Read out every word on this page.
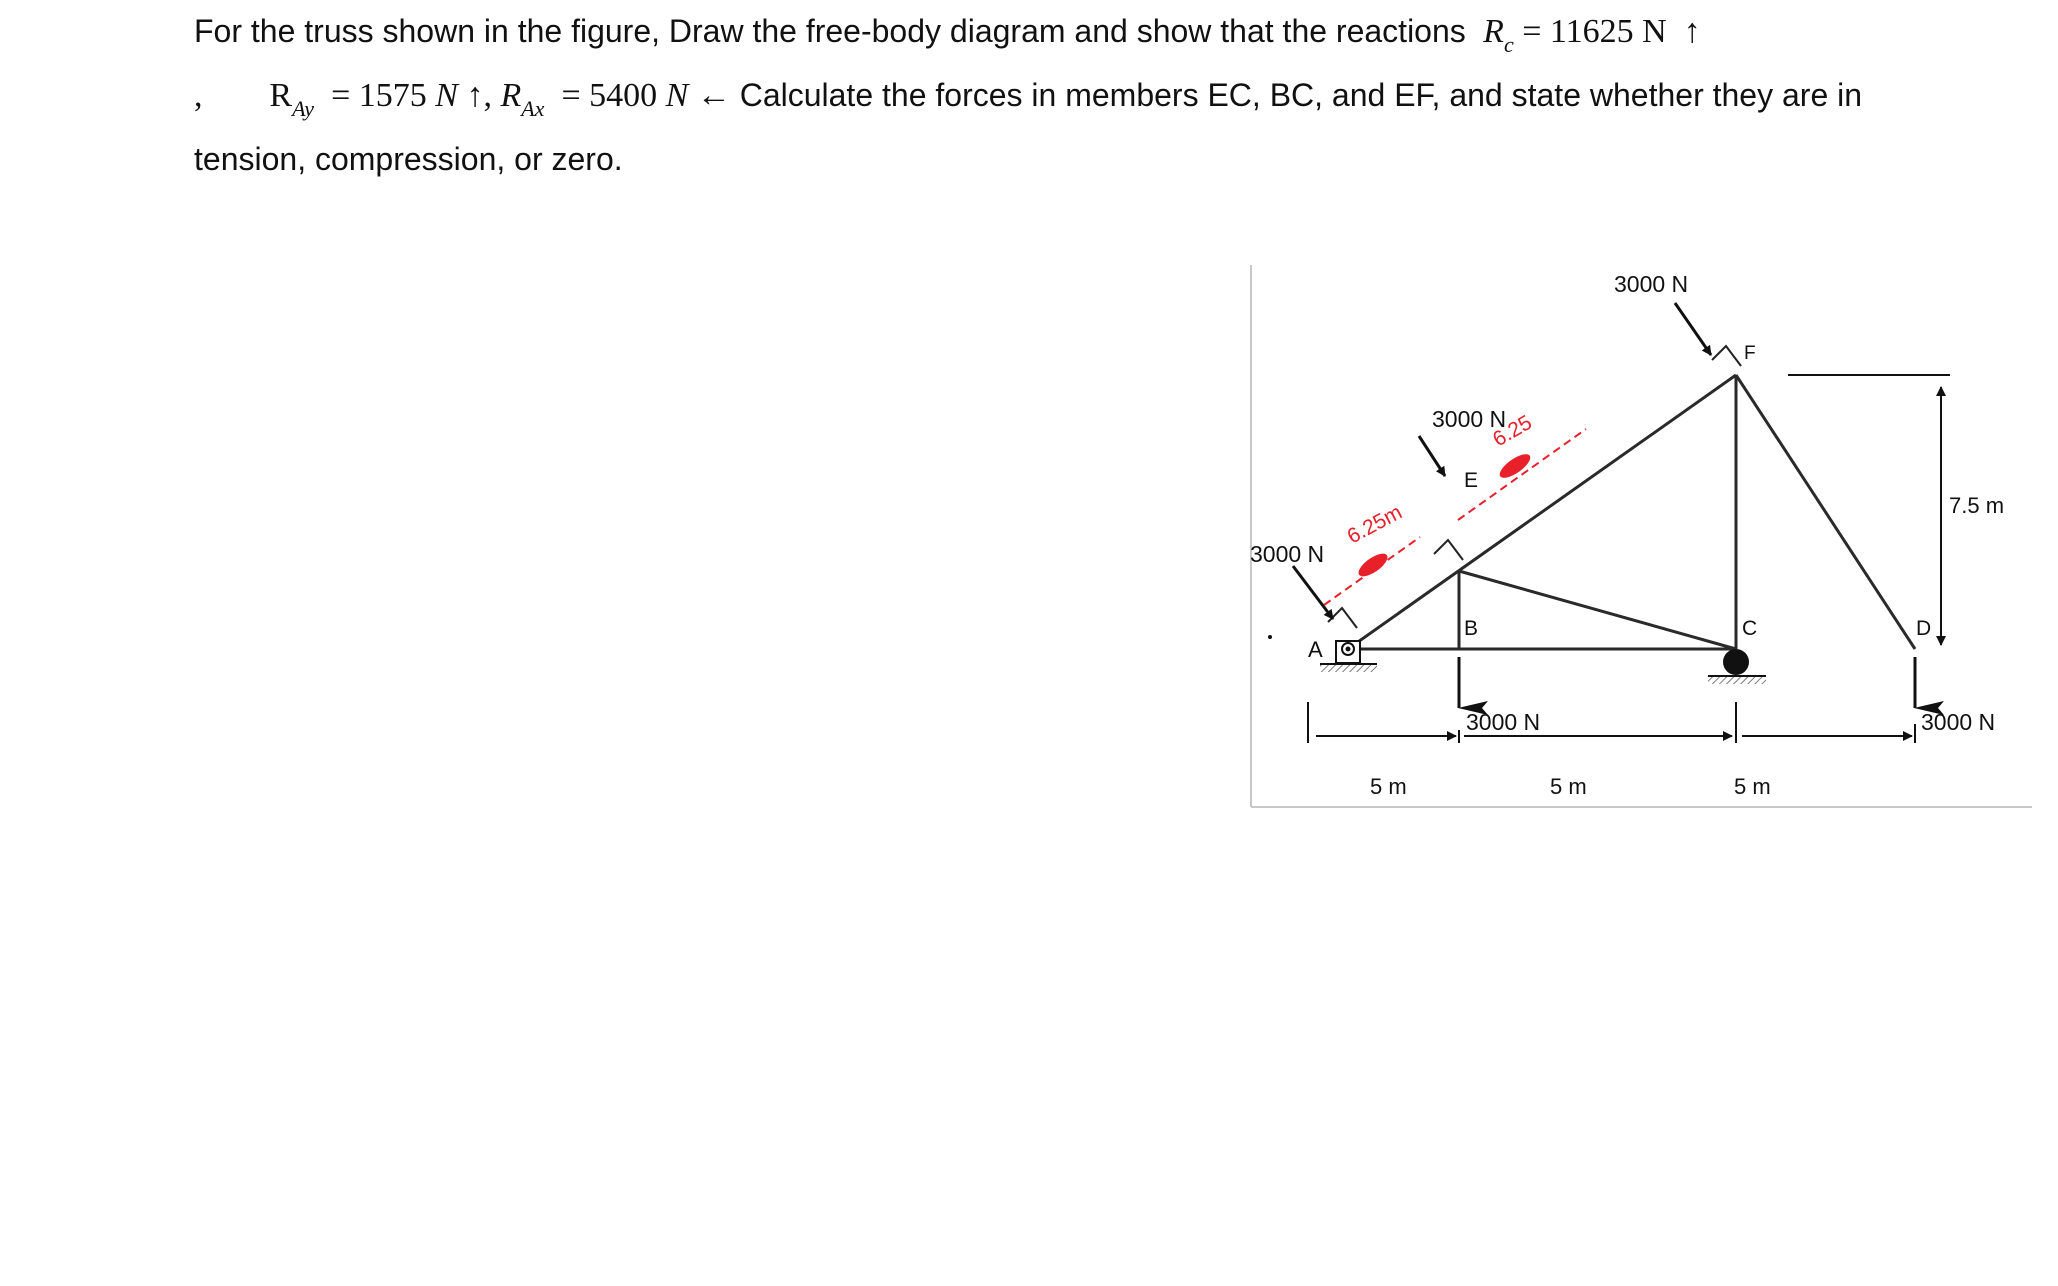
For the truss shown in the figure, Draw the free-body diagram and show that the reactions $R_c = 11625$ N ↑
, $R_{Ay} = 1575$ N ↑, $R_{Ax} = 5400$ N ← Calculate the forces in members EC, BC, and EF, and state whether they are in
tension, compression, or zero.
A
B	C	D
E
F
3000 N
3000 N
3000 N
3000 N	3000 N
6.25m
6.25
5 m	5 m	5 m
7.5 m
